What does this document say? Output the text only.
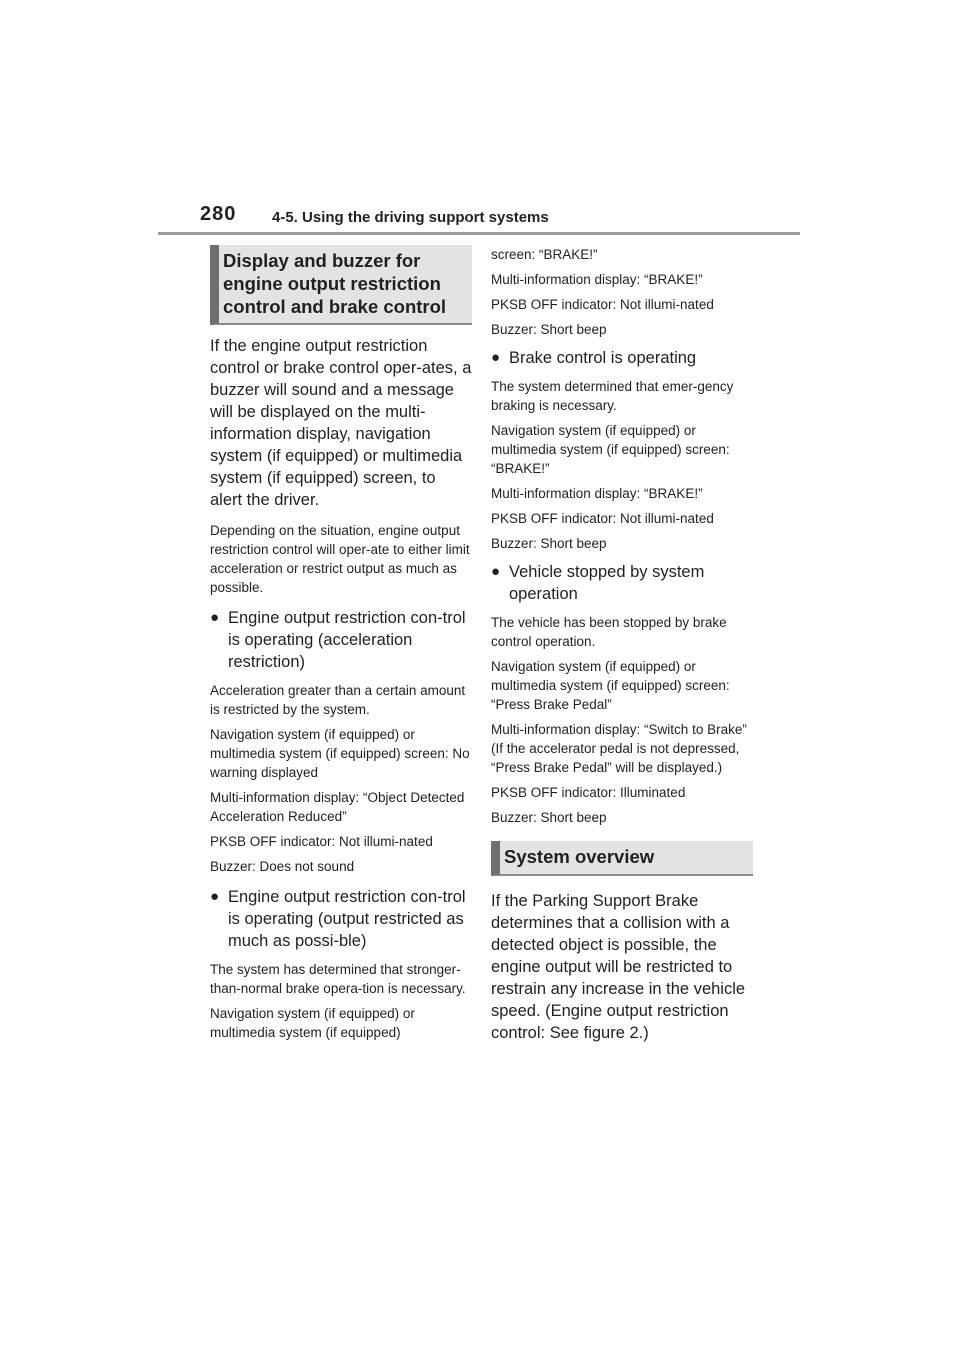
280 4-5. Using the driving support systems
Display and buzzer for
engine output restriction
control and brake control

If the engine output restriction control or brake control oper-ates, a buzzer will sound and a message will be displayed on the multi-information display, navigation system (if equipped) or multimedia system (if equipped) screen, to alert the driver.

Depending on the situation, engine output restriction control will oper-ate to either limit acceleration or restrict output as much as possible.

● Engine output restriction con-trol is operating (acceleration restriction)

Acceleration greater than a certain amount is restricted by the system.

Navigation system (if equipped) or multimedia system (if equipped) screen: No warning displayed

Multi-information display: “Object Detected Acceleration Reduced”

PKSB OFF indicator: Not illumi-nated

Buzzer: Does not sound

● Engine output restriction con-trol is operating (output restricted as much as possi-ble)

The system has determined that stronger-than-normal brake opera-tion is necessary.

Navigation system (if equipped) or multimedia system (if equipped)

screen: “BRAKE!”

Multi-information display: “BRAKE!”

PKSB OFF indicator: Not illumi-nated

Buzzer: Short beep

● Brake control is operating

The system determined that emer-gency braking is necessary.

Navigation system (if equipped) or multimedia system (if equipped) screen: “BRAKE!”

Multi-information display: “BRAKE!”

PKSB OFF indicator: Not illumi-nated

Buzzer: Short beep

● Vehicle stopped by system operation

The vehicle has been stopped by brake control operation.

Navigation system (if equipped) or multimedia system (if equipped) screen: “Press Brake Pedal”

Multi-information display: “Switch to Brake” (If the accelerator pedal is not depressed, “Press Brake Pedal” will be displayed.)

PKSB OFF indicator: Illuminated

Buzzer: Short beep

System overview

If the Parking Support Brake determines that a collision with a detected object is possible, the engine output will be restricted to restrain any increase in the vehicle speed. (Engine output restriction control: See figure 2.)
